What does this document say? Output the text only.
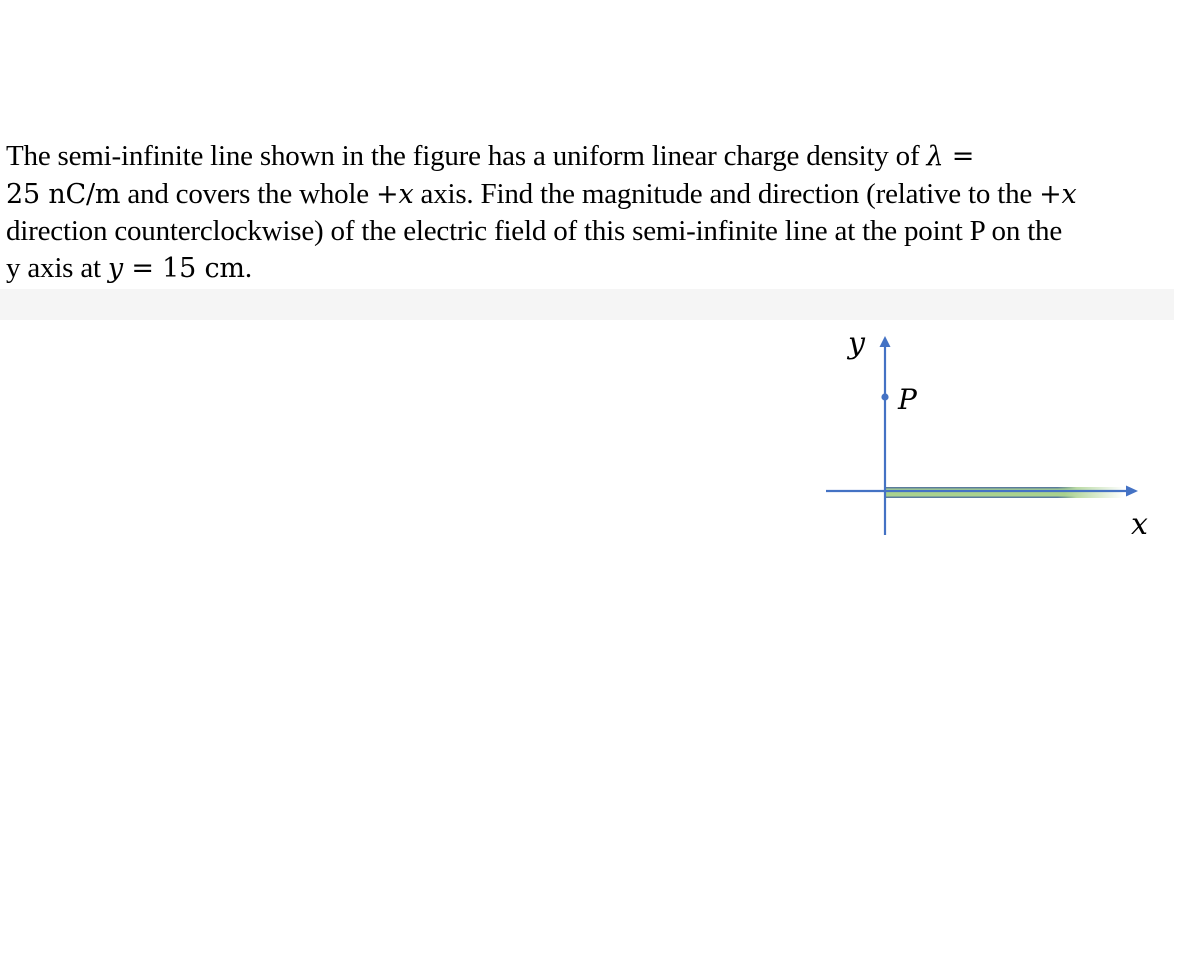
The semi-infinite line shown in the figure has a uniform linear charge density of λ =
25 nC/m and covers the whole +x axis. Find the magnitude and direction (relative to the +x
direction counterclockwise) of the electric field of this semi-infinite line at the point P on the
y axis at y = 15 cm.
y
P
x
